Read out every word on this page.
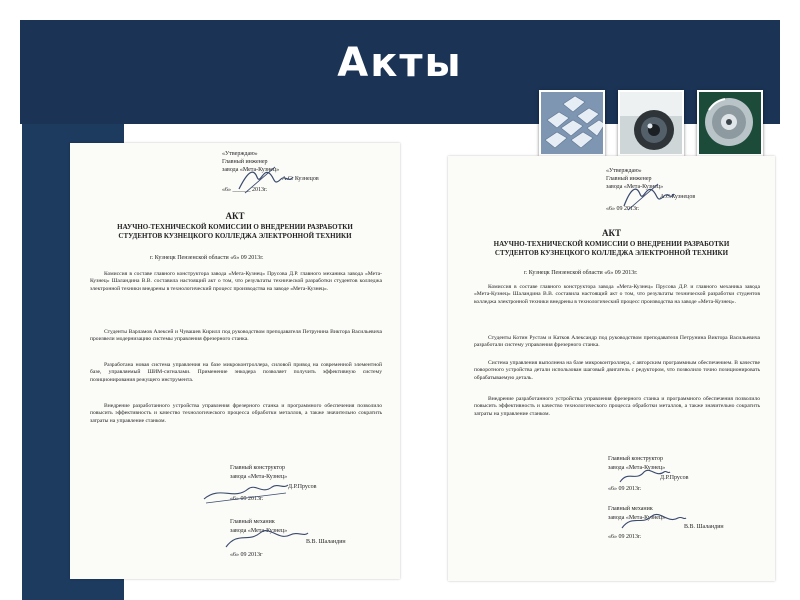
Акты
«Утверждаю»
Главный инженер
завода «Мета-Кузнец»
А.С. Кузнецов
«6» ______ 2013г.
АКТ
НАУЧНО-ТЕХНИЧЕСКОЙ КОМИССИИ О ВНЕДРЕНИИ РАЗРАБОТКИ
СТУДЕНТОВ КУЗНЕЦКОГО КОЛЛЕДЖА ЭЛЕКТРОННОЙ ТЕХНИКИ
г. Кузнецк Пензенской области «6» 09 2013г.
Комиссия в составе главного конструктора завода «Мета-Кузнец» Прусова Д.Р. главного механика завода «Мета-Кузнец» Шаландина В.В. составила настоящий акт о том, что результаты технической разработки студентов колледжа электронной техники внедрены в технологический процесс производства на заводе «Мета-Кузнец».
Студенты Варламов Алексей и Чувашев Кирилл под руководством преподавателя Петрунина Виктора Васильевича произвели модернизацию системы управления фрезерного станка.
Разработана новая система управления на базе микроконтроллера, силовой привод на современной элементной базе, управляемый ШИМ-сигналами. Применение энкодера позволяет получить эффективную систему позиционирования режущего инструмента.
Внедрение разработанного устройства управления фрезерного станка и программного обеспечения позволило повысить эффективность и качество технологического процесса обработки металлов, а также значительно сократить затраты на управление станком.
Главный конструктор
завода «Мета-Кузнец»
Д.Р.Прусов
«6» 09 2013г.
Главный механик
завода «Мета-Кузнец»
В.В. Шаландин
«6» 09 2013г
«Утверждаю»
Главный инженер
завода «Мета-Кузнец»
А.С.Кузнецов
«6» 09 2013г.
АКТ
НАУЧНО-ТЕХНИЧЕСКОЙ КОМИССИИ О ВНЕДРЕНИИ РАЗРАБОТКИ
СТУДЕНТОВ КУЗНЕЦКОГО КОЛЛЕДЖА ЭЛЕКТРОННОЙ ТЕХНИКИ
г. Кузнецк Пензенской области «6» 09 2013г.
Комиссия в составе главного конструктора завода «Мета-Кузнец» Прусова Д.Р. и главного механика завода «Мета-Кузнец» Шаландина В.В. составила настоящий акт о том, что результаты технической разработки студентов колледжа электронной техники внедрены в технологический процесс производства на заводе «Мета-Кузнец».
Студенты Котин Рустам и Катков Александр под руководством преподавателя Петрунина Виктора Васильевича разработали систему управления фрезерного станка.
Система управления выполнена на базе микроконтроллера, с авторским программным обеспечением. В качестве поворотного устройства детали использован шаговый двигатель с редуктором, что позволило точно позиционировать обрабатываемую деталь.
Внедрение разработанного устройства управления фрезерного станка и программного обеспечения позволило повысить эффективность и качество технологического процесса обработки металлов, а также значительно сократить затраты на управление станком.
Главный конструктор
завода «Мета-Кузнец»
Д.Р.Прусов
«6» 09 2013г.
Главный механик
завода «Мета-Кузнец»
В.В. Шаландин
«6» 09 2013г.
